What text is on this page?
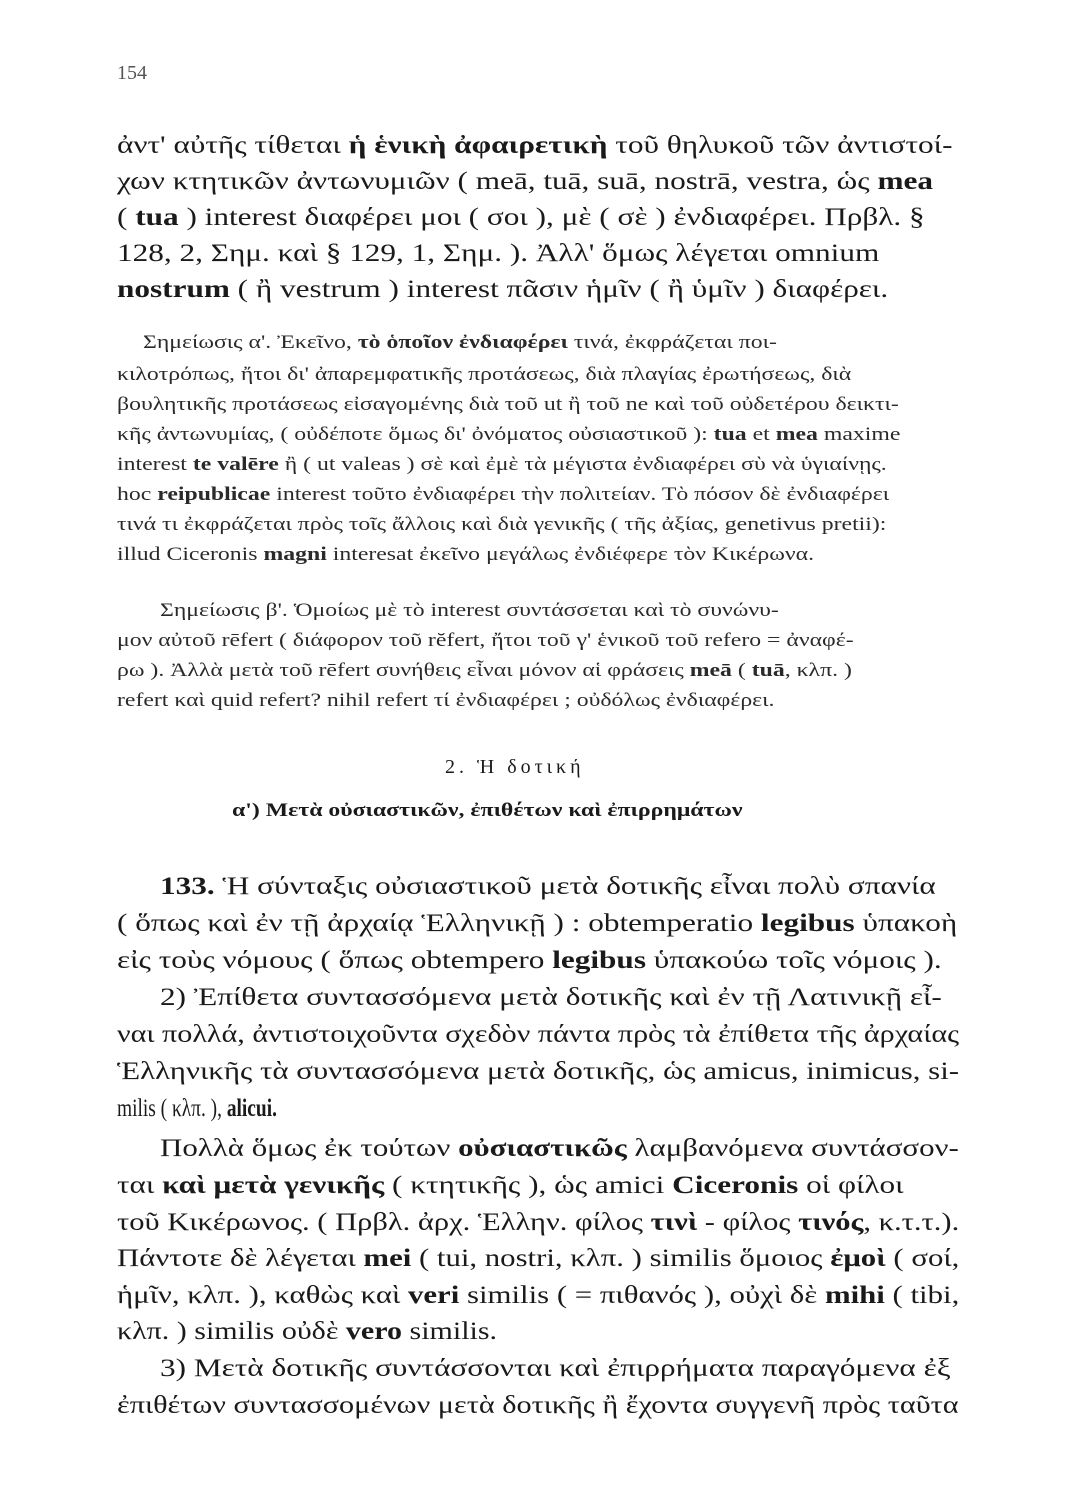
154
ἀντ' αὐτῆς τίθεται ἡ ἑνικὴ ἀφαιρετικὴ τοῦ θηλυκοῦ τῶν ἀντιστοί-
χων κτητικῶν ἀντωνυμιῶν ( meā, tuā, suā, nostrā, vestra, ὡς mea
( tua ) interest διαφέρει μοι ( σοι ), μὲ ( σὲ ) ἐνδιαφέρει. Πρβλ. §
128, 2, Σημ. καὶ § 129, 1, Σημ. ). Ἀλλ' ὅμως λέγεται omnium
nostrum ( ἢ vestrum ) interest πᾶσιν ἡμῖν ( ἢ ὑμῖν ) διαφέρει.
Σημείωσις α'. Ἐκεῖνο, τὸ ὁποῖον ἐνδιαφέρει τινά, ἐκφράζεται ποι-
κιλοτρόπως, ἤτοι δι' ἀπαρεμφατικῆς προτάσεως, διὰ πλαγίας ἐρωτήσεως, διὰ
βουλητικῆς προτάσεως εἰσαγομένης διὰ τοῦ ut ἢ τοῦ ne καὶ τοῦ οὐδετέρου δεικτι-
κῆς ἀντωνυμίας, ( οὐδέποτε ὅμως δι' ὀνόματος οὐσιαστικοῦ ): tua et mea maxime
interest te valēre ἢ ( ut valeas ) σὲ καὶ ἐμὲ τὰ μέγιστα ἐνδιαφέρει σὺ νὰ ὑγιαίνῃς.
hoc reipublicae interest τοῦτο ἐνδιαφέρει τὴν πολιτείαν. Τὸ πόσον δὲ ἐνδιαφέρει
τινά τι ἐκφράζεται πρὸς τοῖς ἄλλοις καὶ διὰ γενικῆς ( τῆς ἀξίας, genetivus pretii):
illud Ciceronis magni interesat ἐκεῖνο μεγάλως ἐνδιέφερε τὸν Κικέρωνα.
Σημείωσις β'. Ὁμοίως μὲ τὸ interest συντάσσεται καὶ τὸ συνώνυ-
μον αὐτοῦ rēfert ( διάφορον τοῦ rĕfert, ἤτοι τοῦ γ' ἑνικοῦ τοῦ refero = ἀναφέ-
ρω ). Ἀλλὰ μετὰ τοῦ rēfert συνήθεις εἶναι μόνον αἱ φράσεις meā ( tuā, κλπ. )
refert καὶ quid refert? nihil refert τί ἐνδιαφέρει ; οὐδόλως ἐνδιαφέρει.
2. Ἡ δοτική
α') Μετὰ οὐσιαστικῶν, ἐπιθέτων καὶ ἐπιρρημάτων
133. Ἡ σύνταξις οὐσιαστικοῦ μετὰ δοτικῆς εἶναι πολὺ σπανία
( ὅπως καὶ ἐν τῇ ἀρχαίᾳ Ἑλληνικῇ ) : obtemperatio legibus ὑπακοὴ
εἰς τοὺς νόμους ( ὅπως obtempero legibus ὑπακούω τοῖς νόμοις ).
2) Ἐπίθετα συντασσόμενα μετὰ δοτικῆς καὶ ἐν τῇ Λατινικῇ εἶ-
ναι πολλά, ἀντιστοιχοῦντα σχεδὸν πάντα πρὸς τὰ ἐπίθετα τῆς ἀρχαίας
Ἑλληνικῆς τὰ συντασσόμενα μετὰ δοτικῆς, ὡς amicus, inimicus, si-
milis ( κλπ. ), alicui.
Πολλὰ ὅμως ἐκ τούτων οὐσιαστικῶς λαμβανόμενα συντάσσον-
ται καὶ μετὰ γενικῆς ( κτητικῆς ), ὡς amici Ciceronis οἱ φίλοι
τοῦ Κικέρωνος. ( Πρβλ. ἀρχ. Ἑλλην. φίλος τινὶ - φίλος τινός, κ.τ.τ.).
Πάντοτε δὲ λέγεται mei ( tui, nostri, κλπ. ) similis ὅμοιος ἐμοὶ ( σοί,
ἡμῖν, κλπ. ), καθὼς καὶ veri similis ( = πιθανός ), οὐχὶ δὲ mihi ( tibi,
κλπ. ) similis οὐδὲ vero similis.
3) Μετὰ δοτικῆς συντάσσονται καὶ ἐπιρρήματα παραγόμενα ἐξ
ἐπιθέτων συντασσομένων μετὰ δοτικῆς ἢ ἔχοντα συγγενῆ πρὸς ταῦτα
